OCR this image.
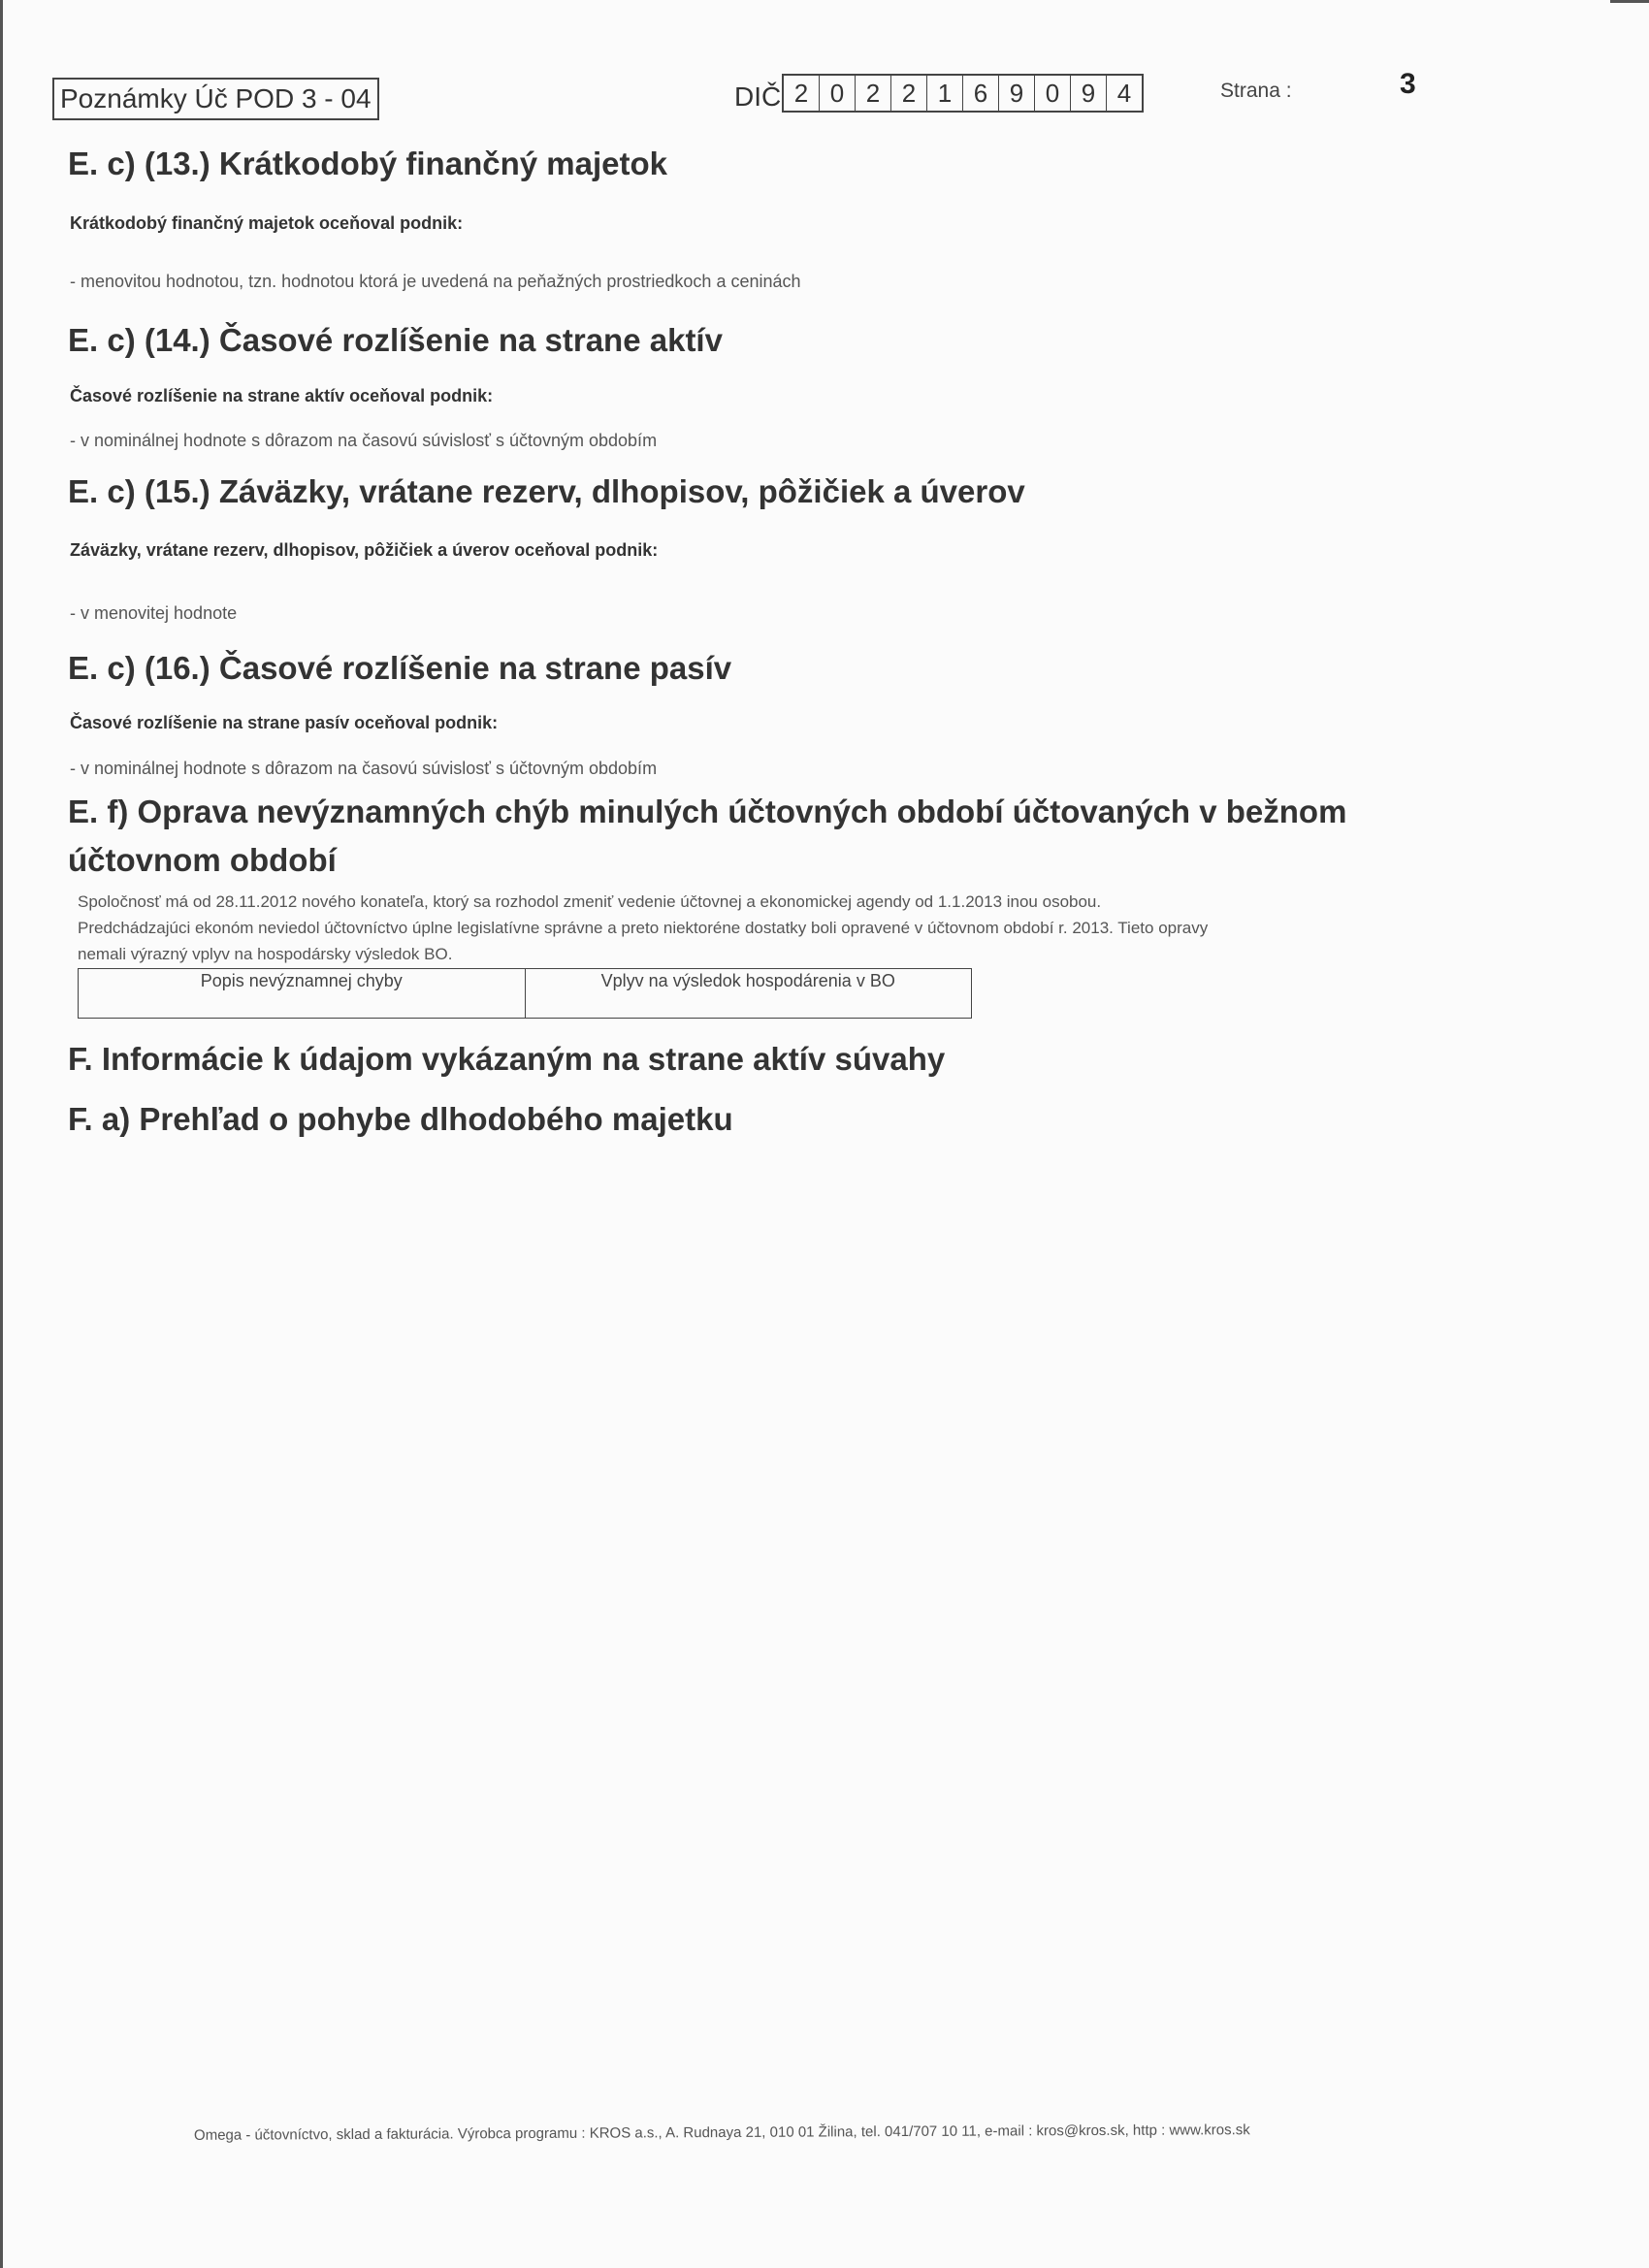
Poznámky Úč POD 3 - 04	DIČ 2 0 2 2 1 6 9 0 9 4	Strana :	3
E. c) (13.) Krátkodobý finančný majetok
Krátkodobý finančný majetok oceňoval podnik:
- menovitou hodnotou, tzn. hodnotou ktorá je uvedená na peňažných prostriedkoch a ceninách
E. c) (14.) Časové rozlíšenie na strane aktív
Časové rozlíšenie na strane aktív oceňoval podnik:
- v nominálnej hodnote s dôrazom na časovú súvislosť s účtovným obdobím
E. c) (15.) Záväzky, vrátane rezerv, dlhopisov, pôžičiek a úverov
Záväzky, vrátane rezerv, dlhopisov, pôžičiek a úverov oceňoval podnik:
- v menovitej hodnote
E. c) (16.) Časové rozlíšenie na strane pasív
Časové rozlíšenie na strane pasív oceňoval podnik:
- v nominálnej hodnote s dôrazom na časovú súvislosť s účtovným obdobím
E. f) Oprava nevýznamných chýb minulých účtovných období účtovaných v bežnom
účtovnom období
Spoločnosť má od 28.11.2012 nového konateľa, ktorý sa rozhodol zmeniť vedenie účtovnej a ekonomickej agendy od 1.1.2013 inou osobou.
Predchádzajúci ekonóm neviedol účtovníctvo úplne legislatívne správne a preto niektoréne dostatky boli opravené v účtovnom období r. 2013. Tieto opravy
nemali výrazný vplyv na hospodársky výsledok BO.
Popis nevýznamnej chyby	Vplyv na výsledok hospodárenia v BO
F. Informácie k údajom vykázaným na strane aktív súvahy
F. a) Prehľad o pohybe dlhodobého majetku
Omega - účtovníctvo, sklad a fakturácia. Výrobca programu : KROS a.s., A. Rudnaya 21, 010 01 Žilina, tel. 041/707 10 11, e-mail : kros@kros.sk, http : www.kros.sk
